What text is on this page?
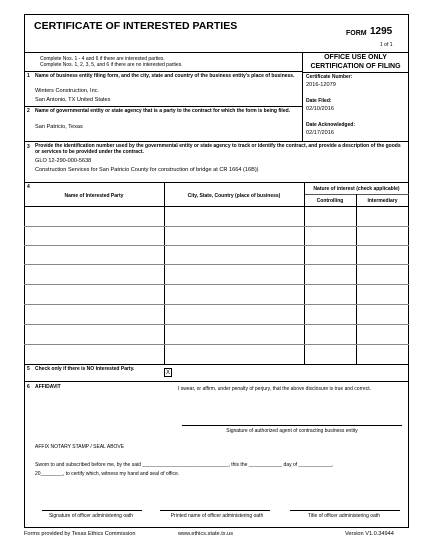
CERTIFICATE OF INTERESTED PARTIES
FORM 1295
1 of 1
Complete Nos. 1 - 4 and 6 if there are interested parties.
Complete Nos. 1, 2, 3, 5, and 6 if there are no interested parties.
OFFICE USE ONLY
CERTIFICATION OF FILING
Certificate Number:
2016-12079
Date Filed:
02/10/2016
Date Acknowledged:
02/17/2016
1 Name of business entity filing form, and the city, state and country of the business entity's place of business.
Winters Construction, Inc.
San Antonio, TX United States
2 Name of governmental entity or state agency that is a party to the contract for which the form is being filed.
San Patricio, Texas
3 Provide the identification number used by the governmental entity or state agency to track or identify the contract, and provide a description of the goods or services to be provided under the contract.
GLO 12-290-000-5638
Construction Services for San Patricio County for construction of bridge at CR 1664 (16B))
4
Name of Interested Party	City, State, Country (place of business)
Nature of interest (check applicable)
Controlling	Intermediary
5 Check only if there is NO Interested Party.
X
6 AFFIDAVIT	I swear, or affirm, under penalty of perjury, that the above disclosure is true and correct.
Signature of authorized agent of contracting business entity
AFFIX NOTARY STAMP / SEAL ABOVE
Sworn to and subscribed before me, by the said _______________________________, this the ____________ day of ____________,
20________, to certify which, witness my hand and seal of office.
Signature of officer administering oath	Printed name of officer administering oath	Title of officer administering oath
Forms provided by Texas Ethics Commission	www.ethics.state.tx.us	Version V1.0.34944
